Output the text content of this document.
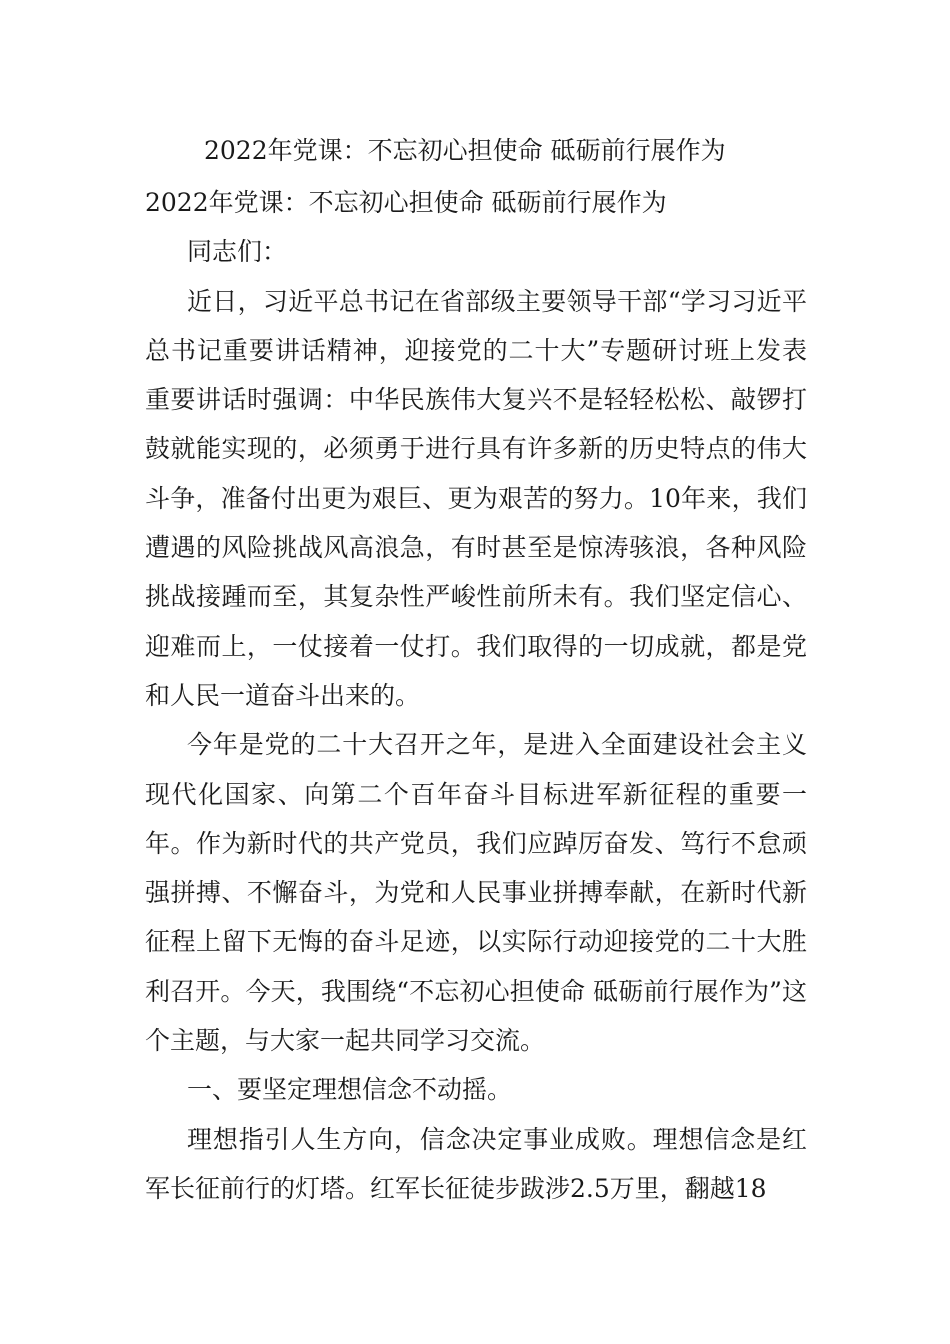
2022年党课：不忘初心担使命 砥砺前行展作为

2022年党课：不忘初心担使命 砥砺前行展作为

同志们：

近日，习近平总书记在省部级主要领导干部“学习习近平总书记重要讲话精神，迎接党的二十大”专题研讨班上发表重要讲话时强调：中华民族伟大复兴不是轻轻松松、敲锣打鼓就能实现的，必须勇于进行具有许多新的历史特点的伟大斗争，准备付出更为艰巨、更为艰苦的努力。10年来，我们遭遇的风险挑战风高浪急，有时甚至是惊涛骇浪，各种风险挑战接踵而至，其复杂性严峻性前所未有。我们坚定信心、迎难而上，一仗接着一仗打。我们取得的一切成就，都是党和人民一道奋斗出来的。

今年是党的二十大召开之年，是进入全面建设社会主义现代化国家、向第二个百年奋斗目标进军新征程的重要一年。作为新时代的共产党员，我们应踔厉奋发、笃行不怠顽强拼搏、不懈奋斗，为党和人民事业拼搏奉献，在新时代新征程上留下无悔的奋斗足迹，以实际行动迎接党的二十大胜利召开。今天，我围绕“不忘初心担使命 砥砺前行展作为”这个主题，与大家一起共同学习交流。

一、要坚定理想信念不动摇。

理想指引人生方向，信念决定事业成败。理想信念是红军长征前行的灯塔。红军长征徒步跋涉2.5万里，翻越18
